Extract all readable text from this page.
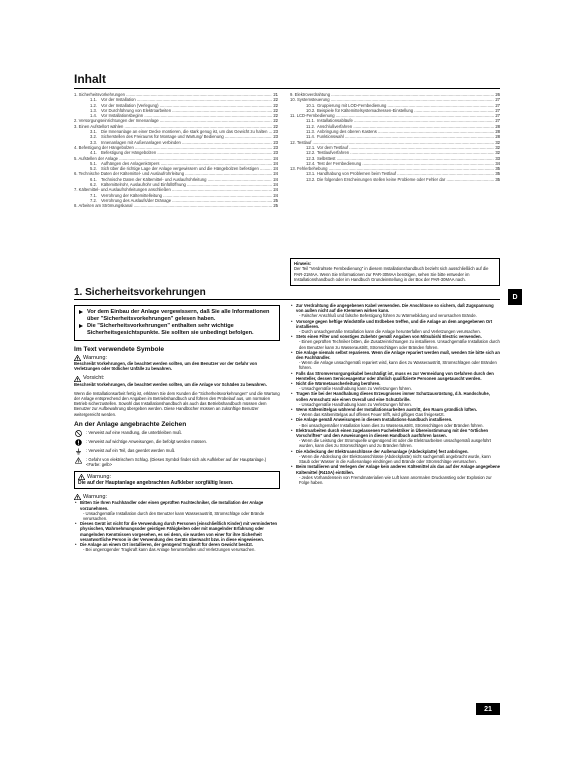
Inhalt
1. Sicherheitsvorkehrungen .....	21
1.1.Vor der Installation .....	22
1.2.Vor der Installation (Verlegung) .....	22
1.3.Vor Durchführung von Elektroarbeiten .....	22
1.4.Vor Installationsbeginn .....	22
2. Versorgungseinrichtungen der Innenanlage .....	22
3. Einen Aufstellort wählen .....	22
3.1.Die Innenanlage an einer Decke montieren, die stark genug ist, um das Gewicht zu halten .....	23
3.2.Sicherstellen des Freiraums für Montage und Wartung/ Bedienung .....	23
3.3.Innenanlagen mit Außenanlagen verbinden .....	23
4. Befestigung der Hängebolzen .....	23
4.1.Befestigung der Hängebolzen .....	23
5. Aufstellen der Anlage .....	24
5.1.Aufhängen des Anlagenkörpers .....	24
5.2.Sich über die richtige Lage der Anlage vergewissern und die Hängebolzen befestigen .....	24
6. Technische Daten der Kältemittel- und Auslaufrohrleitung .....	24
6.1.Technische Daten der Kältemittel- und Auslaufrohrleitung .....	24
6.2.Kältemittelrohr, Auslaufrohr und Einfüllöffnung .....	24
7. Kältemittel- und Auslaufrohrleitungen anschließen .....	24
7.1.Verrohrung der Kältemittelleitung .....	24
7.2.Verrohrung des Auslaufs/der Dränage .....	25
8. Arbeiten am Strömungskanal .....	25
9. Elektroverdrahtung .....	26
10. Systemsteuerung .....	27
10.1.Gruppierung mit LOD-Fernbedienung .....	27
10.2.Beispiele für Kältemittelsystemadressen-Einstellung .....	27
11. LCD-Fernbedienung .....	27
11.1.Installationsabläufe .....	27
11.2.Anschlußverfahren .....	28
11.3.Anbringung des oberen Kastens .....	28
11.4.Funktionswahl .....	28
12. Testlauf .....	32
12.1.Vor dem Testlauf .....	32
12.2.Testlaufverfahren .....	32
12.3.Selbsttest .....	33
12.4.Test der Fernbedienung .....	34
13. Fehlerbehebung .....	35
13.1.Handhabung von Problemen beim Testlauf .....	35
13.2.Die folgenden Erscheinungen stellen keine Probleme oder Fehler dar .....	35
Hinweis:
Der Teil "Verdrahtete Fernbedienung" in diesem Installationshandbuch bezieht sich ausschließlich auf die PAR-21MAA. Wenn Sie Informationen zur PAR-30MAA benötigen, sehen Sie bitte entweder im Installationshandbuch oder im Handbuch Grundeinstellung in der Box der PAR-30MAA nach.
D
1. Sicherheitsvorkehrungen

Vor dem Einbau der Anlage vergewissern, daß Sie alle Informationen über "Sicherheitsvorkehrungen" gelesen haben.

Die "Sicherheitsvorkehrungen" enthalten sehr wichtige Sicherheitsgesichtspunkte. Sie sollten sie unbedingt befolgen.

Im Text verwendete Symbole
Warnung:
Beschreibt Vorkehrungen, die beachtet werden sollten, um den Benutzer vor der Gefahr von Verletzungen oder tödlicher Unfälle zu bewahren.
Vorsicht:
Beschreibt Vorkehrungen, die beachtet werden sollten, um die Anlage vor Schäden zu bewahren.
Wenn die Installationsarbeit fertig ist, erklären Sie dem Kunden die "Sicherheitsvorkehrungen" und die Wartung der Anlage entsprechend den Angaben im Betriebshandbuch und führen den Probelauf aus, um normalen Betrieb sicherzustellen. Sowohl das Installationshandbuch als auch das Betriebshandbuch müssen dem Benutzer zur Aufbewahrung übergeben werden. Diese Handbücher müssen an zukünftige Benutzer weitergereicht werden.
An der Anlage angebrachte Zeichen
: Verweist auf eine Handlung, die unterbleiben muß.
: Verweist auf wichtige Anweisungen, die befolgt werden müssen.
: Verweist auf ein Teil, das geerdet werden muß.
: Gefahr von elektrischem Schlag. (Dieses Symbol findet sich als Aufkleber auf der Hauptanlage.) <Farbe: gelb>
Warnung:
Die auf der Hauptanlage angebrachten Aufkleber sorgfältig lesen.
Warnung:
• Bitten Sie Ihren Fachhändler oder einen geprüften Fachtechniker, die Installation der Anlage vorzunehmen.
- Unsachgemäße Installation durch den Benutzer kann Wasseraustritt, Stromschläge oder Brände verursachen.
• Dieses Gerät ist nicht für die Verwendung durch Personen (einschließlich Kinder) mit verminderten physischen, Wahrnehmungsoder geistigen Fähigkeiten oder mit mangelnder Erfahrung oder mangelnden Kenntnissen vorgesehen, es sei denn, sie wurden von einer für ihre Sicherheit verantwortliche Person in der Verwendung des Geräts überwacht bzw. in diese eingewiesen.
• Die Anlage an einem Ort installieren, der genügend Tragkraft für deren Gewicht besitzt.
- Bei ungenügender Tragkraft kann das Anlage herunterfallen und Verletzungen verursachen.
• Zur Verdrahtung die angegebenen Kabel verwenden. Die Anschlüsse so sichern, daß Zugspannung von außen nicht auf die Klemmen wirken kann.
- Falscher Anschluß und falsche Befestigung führen zu Wärmebildung und verursachen Brände.
• Vorsorge gegen heftige Windstöße und Erdbeben treffen, und die Anlage an dem angegebenen Ort installieren.
- Durch unsachgemäße Installation kann die Anlage herunterfallen und Verletzungen verursachen.
• Stets einen Filter und sonstiges Zubehör gemäß Angaben von Mitsubishi Electric verwenden.
- Einen geprüften Techniker bitten, die Zusatzeinrichtungen zu installieren. Unsachgemäße Installation durch den Benutzer kann zu Wasseraustritt, Stromschlägen oder Bränden führen.
• Die Anlage niemals selbst reparieren. Wenn die Anlage repariert werden muß, wenden Sie bitte sich an den Fachhändler.
- Wenn die Anlage unsachgemäß repariert wird, kann dies zu Wasseraustritt, Stromschlägen oder Bränden führen.
• Falls das Stromversorgungskabel beschädigt ist, muss es zur Vermeidung von Gefahren durch den Hersteller, dessen Servicesagentur oder ähnlich qualifizierte Personen ausgetauscht werden.
• Nicht die Wärmetauscherleitung berühren.
- Unsachgemäße Handhabung kann zu Verletzungen führen.
• Tragen Sie bei der Handhabung dieses Erzeugnisses immer Schutzausrüstung, d.h. Handschuhe, vollen Armschutz wie einen Overall und eine Schutzbrille.
- Unsachgemäße Handhabung kann zu Verletzungen führen.
• Wenn Kältemittelgas während der Installationsarbeiten austritt, den Raum gründlich lüften.
- Wenn das Kältemittelgas auf offenes Feuer trifft, wird giftiges Gas freigesetzt.
• Die Anlage gemäß Anweisungen in diesem Installations-handbuch installieren.
- Bei unsachgemäßer Installation kann dies zu Wasseraustritt, Stromschlägen oder Bränden führen.
• Elektroarbeiten durch einen zugelassenen Fachelektriker in Übereinstimmung mit den "örtlichen Vorschriften" und den Anweisungen in diesem Handbuch ausführen lassen.
- Wenn die Leistung der Stromquelle ungenügend ist oder die Elektroarbeiten unsachgemäß ausgeführt wurden, kann dies zu Stromschlägen und zu Bränden führen.
• Die Abdeckung der Elektroanschlüsse der Außenanlage (Abdeckplatte) fest anbringen.
- Wenn die Abdeckung der Elektroanschlüsse (Abdeckplatte) nicht sachgemäß angebracht wurde, kann Staub oder Wasser in die Außenanlage eindringen und Brände oder Stromschläge verursachen.
• Beim Installieren und Verlegen der Anlage kein anderes Kältemittel als das auf der Anlage angegebene Kältemittel (R410A) eintüllen.
- Jedes Vorhandensein von Fremdmaterialien wie Luft kann anormalen Druckanstieg oder Explosion zur Folge haben.
21
